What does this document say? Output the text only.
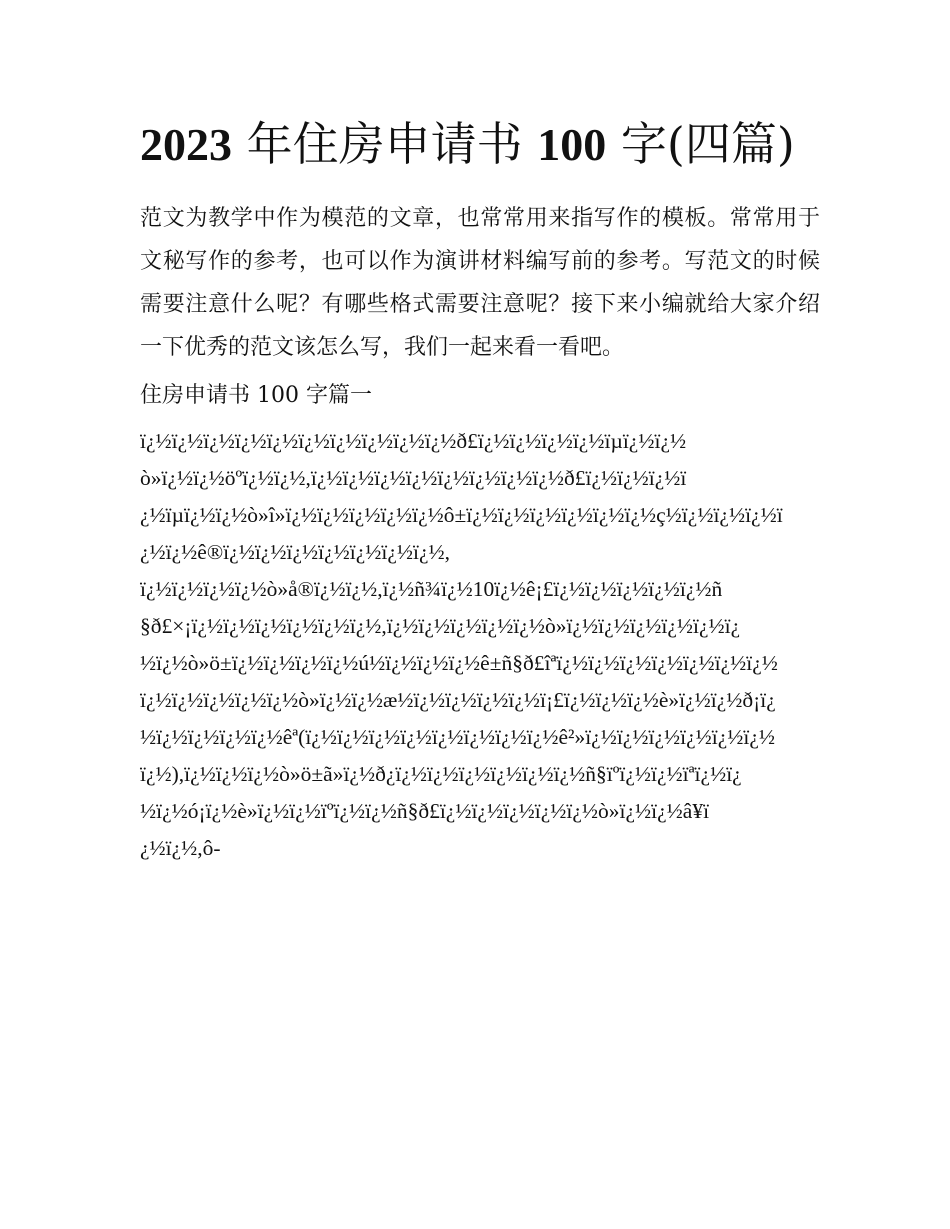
2023 年住房申请书 100 字(四篇)

范文为教学中作为模范的文章，也常常用来指写作的模板。常常用于文秘写作的参考，也可以作为演讲材料编写前的参考。写范文的时候需要注意什么呢？有哪些格式需要注意呢？接下来小编就给大家介绍一下优秀的范文该怎么写，我们一起来看一看吧。

住房申请书 100 字篇一

ï¿½ï¿½ï¿½ï¿½ï¿½ï¿½ï¿½ï¿½ï¿½ï¿½ð£ï¿½ï¿½ï¿½ï¿½ïµï¿½ï¿½

ò»ï¿½ï¿½öºï¿½ï¿½,ï¿½ï¿½ï¿½ï¿½ï¿½ï¿½ï¿½ï¿½ð£ï¿½ï¿½ï¿½ï

¿½ïµï¿½ï¿½ò»î»ï¿½ï¿½ï¿½ï¿½ï¿½ô±ï¿½ï¿½ï¿½ï¿½ï¿½ï¿½ç½ï¿½ï¿½ï¿½ï

¿½ï¿½ê®ï¿½ï¿½ï¿½ï¿½ï¿½ï¿½ï¿½,

ï¿½ï¿½ï¿½ï¿½ò»å®ï¿½ï¿½,ï¿½ñ¾ï¿½10ï¿½ê¡£ï¿½ï¿½ï¿½ï¿½ï¿½ñ

§ð£×¡ï¿½ï¿½ï¿½ï¿½ï¿½ï¿½,ï¿½ï¿½ï¿½ï¿½ï¿½ò»ï¿½ï¿½ï¿½ï¿½ï¿½ï¿

½ï¿½ò»ö±ï¿½ï¿½ï¿½ï¿½ú½ï¿½ï¿½ï¿½ê±ñ§ð£îªï¿½ï¿½ï¿½ï¿½ï¿½ï¿½ï¿½

ï¿½ï¿½ï¿½ï¿½ï¿½ò»ï¿½ï¿½æ½ï¿½ï¿½ï¿½ï¿½ï¡£ï¿½ï¿½ï¿½è»ï¿½ï¿½ð¡ï¿

½ï¿½ï¿½ï¿½ï¿½êª(ï¿½ï¿½ï¿½ï¿½ï¿½ï¿½ï¿½ï¿½ê²»ï¿½ï¿½ï¿½ï¿½ï¿½ï¿½

ï¿½),ï¿½ï¿½ï¿½ò»ö±ã»ï¿½ð¿ï¿½ï¿½ï¿½ï¿½ï¿½ï¿½ñ§ïºï¿½ï¿½ïªï¿½ï¿

½ï¿½ó¡ï¿½è»ï¿½ï¿½ïºï¿½ï¿½ñ§ð£ï¿½ï¿½ï¿½ï¿½ï¿½ò»ï¿½ï¿½â¥ï

¿½ï¿½,ô-
